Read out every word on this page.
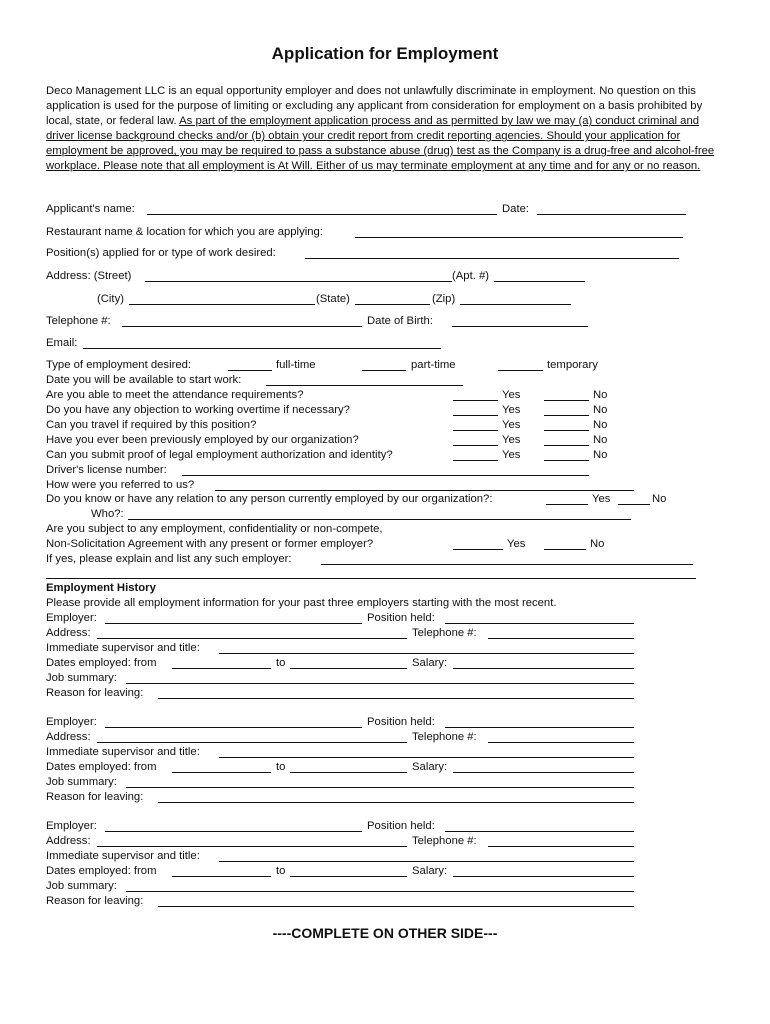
Application for Employment
Deco Management LLC is an equal opportunity employer and does not unlawfully discriminate in employment. No question on this application is used for the purpose of limiting or excluding any applicant from consideration for employment on a basis prohibited by local, state, or federal law. As part of the employment application process and as permitted by law we may (a) conduct criminal and driver license background checks and/or (b) obtain your credit report from credit reporting agencies. Should your application for employment be approved, you may be required to pass a substance abuse (drug) test as the Company is a drug-free and alcohol-free workplace. Please note that all employment is At Will. Either of us may terminate employment at any time and for any or no reason.
Applicant's name:	Date:
Restaurant name & location for which you are applying:
Position(s) applied for or type of work desired:
Address: (Street)	(Apt. #)
(City)	(State)	(Zip)
Telephone #:	Date of Birth:
Email:
Type of employment desired:	full-time	part-time	temporary
Date you will be available to start work:
Are you able to meet the attendance requirements?	Yes	No
Do you have any objection to working overtime if necessary?	Yes	No
Can you travel if required by this position?	Yes	No
Have you ever been previously employed by our organization?	Yes	No
Can you submit proof of legal employment authorization and identity?	Yes	No
Driver's license number:
How were you referred to us?
Do you know or have any relation to any person currently employed by our organization?:	Yes	No
Who?:
Are you subject to any employment, confidentiality or non-compete,
Non-Solicitation Agreement with any present or former employer?	Yes	No
If yes, please explain and list any such employer:
Employment History
Please provide all employment information for your past three employers starting with the most recent.
Employer:	Position held:
Address:	Telephone #:
Immediate supervisor and title:
Dates employed: from	to	Salary:
Job summary:
Reason for leaving:
Employer:	Position held:
Address:	Telephone #:
Immediate supervisor and title:
Dates employed: from	to	Salary:
Job summary:
Reason for leaving:
Employer:	Position held:
Address:	Telephone #:
Immediate supervisor and title:
Dates employed: from	to	Salary:
Job summary:
Reason for leaving:
----COMPLETE ON OTHER SIDE---
